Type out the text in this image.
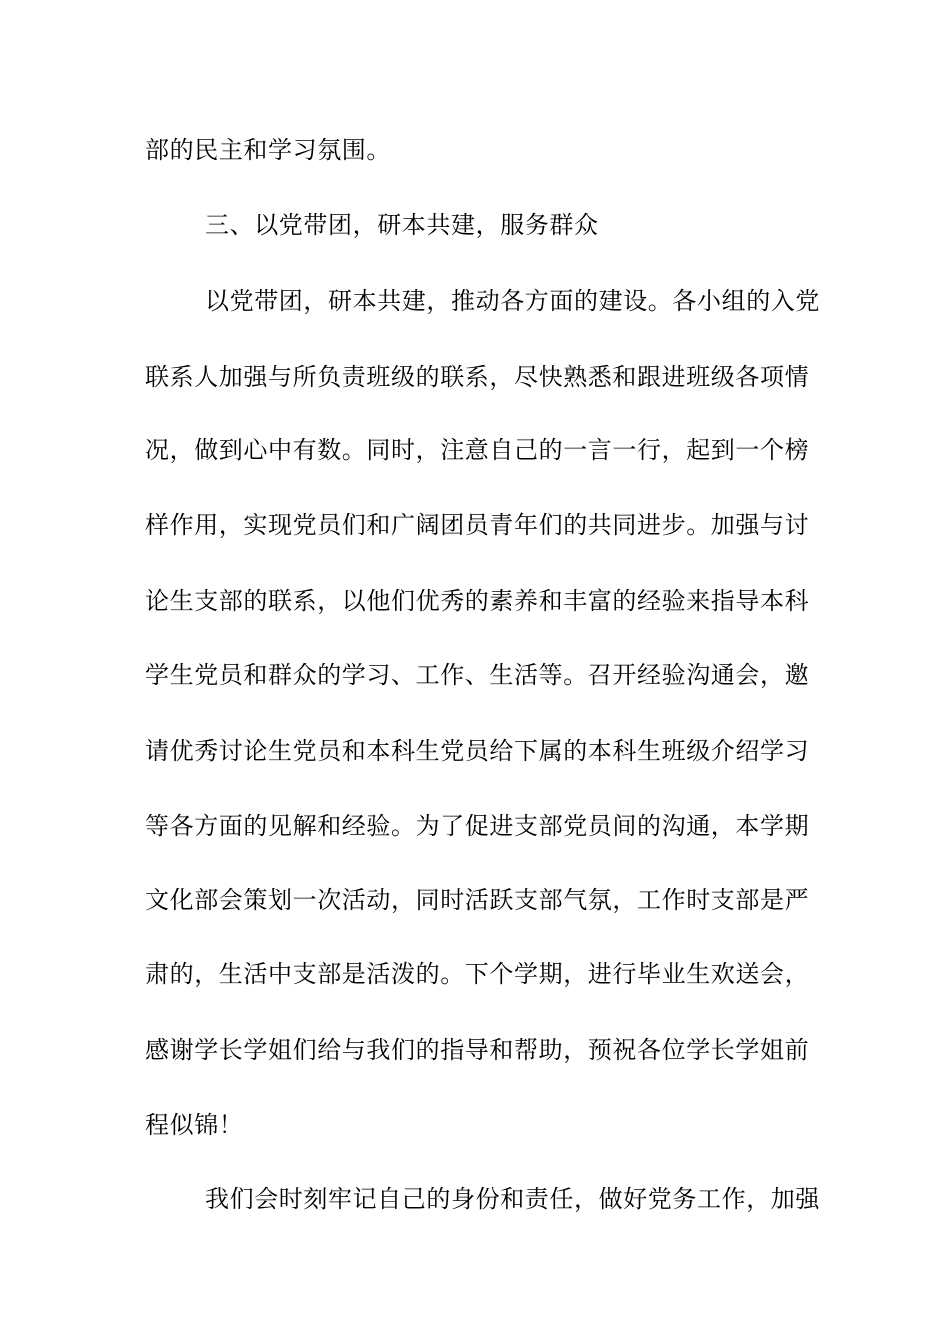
部的民主和学习氛围。
三、以党带团，研本共建，服务群众
以党带团，研本共建，推动各方面的建设。各小组的入党
联系人加强与所负责班级的联系，尽快熟悉和跟进班级各项情
况，做到心中有数。同时，注意自己的一言一行，起到一个榜
样作用，实现党员们和广阔团员青年们的共同进步。加强与讨
论生支部的联系，以他们优秀的素养和丰富的经验来指导本科
学生党员和群众的学习、工作、生活等。召开经验沟通会，邀
请优秀讨论生党员和本科生党员给下属的本科生班级介绍学习
等各方面的见解和经验。为了促进支部党员间的沟通，本学期
文化部会策划一次活动，同时活跃支部气氛，工作时支部是严
肃的，生活中支部是活泼的。下个学期，进行毕业生欢送会，
感谢学长学姐们给与我们的指导和帮助，预祝各位学长学姐前
程似锦！
我们会时刻牢记自己的身份和责任，做好党务工作，加强
